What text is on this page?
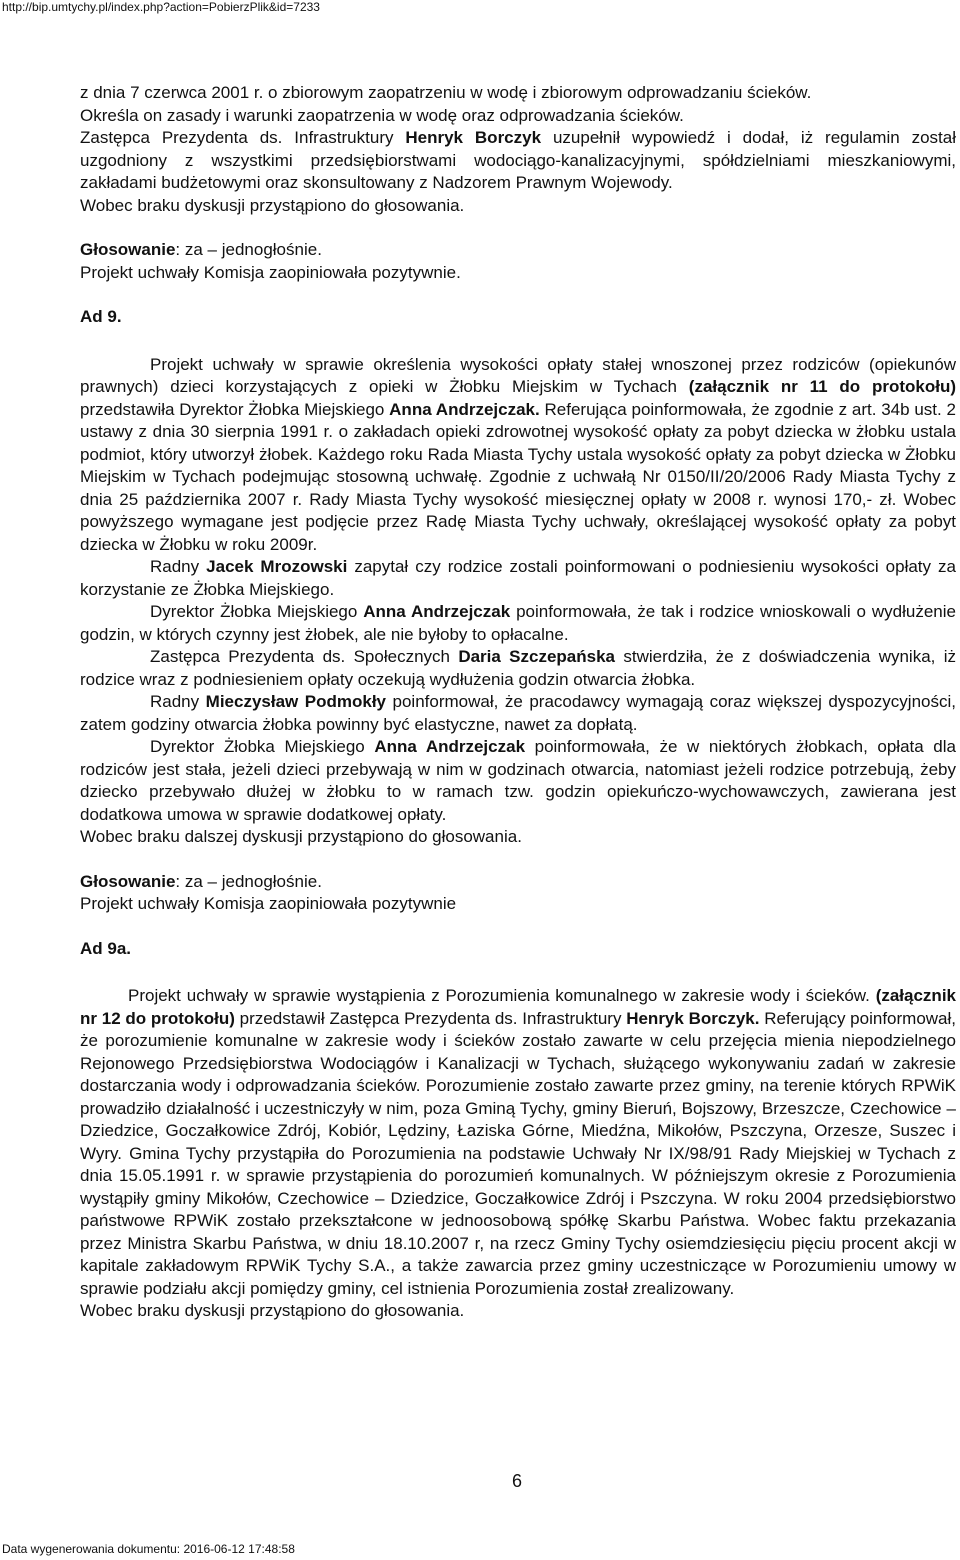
http://bip.umtychy.pl/index.php?action=PobierzPlik&id=7233

z dnia 7 czerwca 2001 r. o zbiorowym zaopatrzeniu w wodę i zbiorowym odprowadzaniu ścieków.

Określa on zasady i warunki zaopatrzenia w wodę oraz odprowadzania ścieków.

Zastępca Prezydenta ds. Infrastruktury Henryk Borczyk uzupełnił wypowiedź i dodał, iż regulamin został uzgodniony z wszystkimi przedsiębiorstwami wodociągo-kanalizacyjnymi, spółdzielniami mieszkaniowymi, zakładami budżetowymi oraz skonsultowany z Nadzorem Prawnym Wojewody.

Wobec braku dyskusji przystąpiono do głosowania.

Głosowanie: za – jednogłośnie.

Projekt uchwały Komisja zaopiniowała pozytywnie.

Ad 9.

Projekt uchwały w sprawie określenia wysokości opłaty stałej wnoszonej przez rodziców (opiekunów prawnych) dzieci korzystających z opieki w Żłobku Miejskim w Tychach (załącznik nr 11 do protokołu) przedstawiła Dyrektor Żłobka Miejskiego Anna Andrzejczak. Referująca poinformowała, że zgodnie z art. 34b ust. 2 ustawy z dnia 30 sierpnia 1991 r. o zakładach opieki zdrowotnej wysokość opłaty za pobyt dziecka w żłobku ustala podmiot, który utworzył żłobek. Każdego roku Rada Miasta Tychy ustala wysokość opłaty za pobyt dziecka w Żłobku Miejskim w Tychach podejmując stosowną uchwałę. Zgodnie z uchwałą Nr 0150/II/20/2006 Rady Miasta Tychy z dnia 25 października 2007 r. Rady Miasta Tychy wysokość miesięcznej opłaty w 2008 r. wynosi 170,- zł. Wobec powyższego wymagane jest podjęcie przez Radę Miasta Tychy uchwały, określającej wysokość opłaty za pobyt dziecka w Żłobku w roku 2009r.

Radny Jacek Mrozowski zapytał czy rodzice zostali poinformowani o podniesieniu wysokości opłaty za korzystanie ze Żłobka Miejskiego.

Dyrektor Żłobka Miejskiego Anna Andrzejczak poinformowała, że tak i rodzice wnioskowali o wydłużenie godzin, w których czynny jest żłobek, ale nie byłoby to opłacalne.

Zastępca Prezydenta ds. Społecznych Daria Szczepańska stwierdziła, że z doświadczenia wynika, iż rodzice wraz z podniesieniem opłaty oczekują wydłużenia godzin otwarcia żłobka.

Radny Mieczysław Podmokły poinformował, że pracodawcy wymagają coraz większej dyspozycyjności, zatem godziny otwarcia żłobka powinny być elastyczne, nawet za dopłatą.

Dyrektor Żłobka Miejskiego Anna Andrzejczak poinformowała, że w niektórych żłobkach, opłata dla rodziców jest stała, jeżeli dzieci przebywają w nim w godzinach otwarcia, natomiast jeżeli rodzice potrzebują, żeby dziecko przebywało dłużej w żłobku to w ramach tzw. godzin opiekuńczo-wychowawczych, zawierana jest dodatkowa umowa w sprawie dodatkowej opłaty.

Wobec braku dalszej dyskusji przystąpiono do głosowania.

Głosowanie: za – jednogłośnie.

Projekt uchwały Komisja zaopiniowała pozytywnie

Ad 9a.

Projekt uchwały w sprawie wystąpienia z Porozumienia komunalnego w zakresie wody i ścieków. (załącznik nr 12 do protokołu) przedstawił Zastępca Prezydenta ds. Infrastruktury Henryk Borczyk. Referujący poinformował, że porozumienie komunalne w zakresie wody i ścieków zostało zawarte w celu przejęcia mienia niepodzielnego Rejonowego Przedsiębiorstwa Wodociągów i Kanalizacji w Tychach, służącego wykonywaniu zadań w zakresie dostarczania wody i odprowadzania ścieków. Porozumienie zostało zawarte przez gminy, na terenie których RPWiK prowadziło działalność i uczestniczyły w nim, poza Gminą Tychy, gminy Bieruń, Bojszowy, Brzeszcze, Czechowice – Dziedzice, Goczałkowice Zdrój, Kobiór, Lędziny, Łaziska Górne, Miedźna, Mikołów, Pszczyna, Orzesze, Suszec i Wyry. Gmina Tychy przystąpiła do Porozumienia na podstawie Uchwały Nr IX/98/91 Rady Miejskiej w Tychach z dnia 15.05.1991 r. w sprawie przystąpienia do porozumień komunalnych. W późniejszym okresie z Porozumienia wystąpiły gminy Mikołów, Czechowice – Dziedzice, Goczałkowice Zdrój i Pszczyna. W roku 2004 przedsiębiorstwo państwowe RPWiK zostało przekształcone w jednoosobową spółkę Skarbu Państwa. Wobec faktu przekazania przez Ministra Skarbu Państwa, w dniu 18.10.2007 r, na rzecz Gminy Tychy osiemdziesięciu pięciu procent akcji w kapitale zakładowym RPWiK Tychy S.A., a także zawarcia przez gminy uczestniczące w Porozumieniu umowy w sprawie podziału akcji pomiędzy gminy, cel istnienia Porozumienia został zrealizowany.

Wobec braku dyskusji przystąpiono do głosowania.

6
Data wygenerowania dokumentu: 2016-06-12 17:48:58
